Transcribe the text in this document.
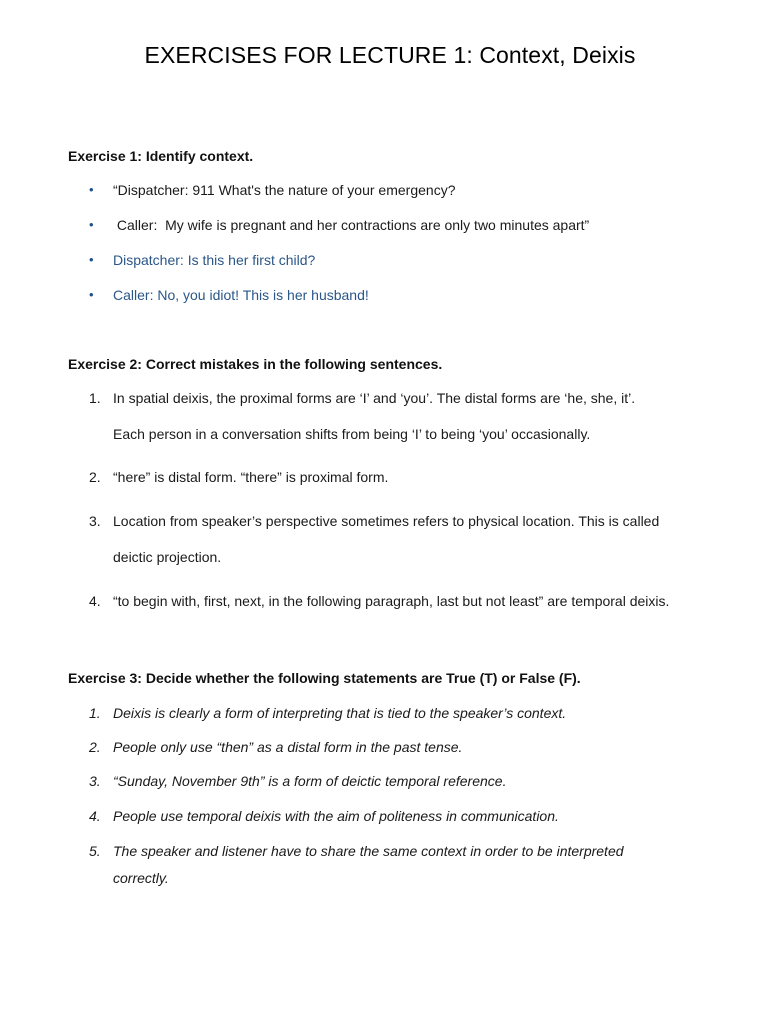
EXERCISES FOR LECTURE 1: Context, Deixis

Exercise 1: Identify context.

• “Dispatcher: 911 What's the nature of your emergency?

• Caller:  My wife is pregnant and her contractions are only two minutes apart”

• Dispatcher: Is this her first child?

• Caller: No, you idiot! This is her husband!

Exercise 2: Correct mistakes in the following sentences.

1. In spatial deixis, the proximal forms are ‘I’ and ‘you’. The distal forms are ‘he, she, it’.

Each person in a conversation shifts from being ‘I’ to being ‘you’ occasionally.

2. “here” is distal form. “there” is proximal form.

3. Location from speaker’s perspective sometimes refers to physical location. This is called

deictic projection.

4. “to begin with, first, next, in the following paragraph, last but not least” are temporal deixis.

Exercise 3: Decide whether the following statements are True (T) or False (F).

1. Deixis is clearly a form of interpreting that is tied to the speaker’s context.

2. People only use “then” as a distal form in the past tense.

3. “Sunday, November 9th” is a form of deictic temporal reference.

4. People use temporal deixis with the aim of politeness in communication.

5. The speaker and listener have to share the same context in order to be interpreted

correctly.
